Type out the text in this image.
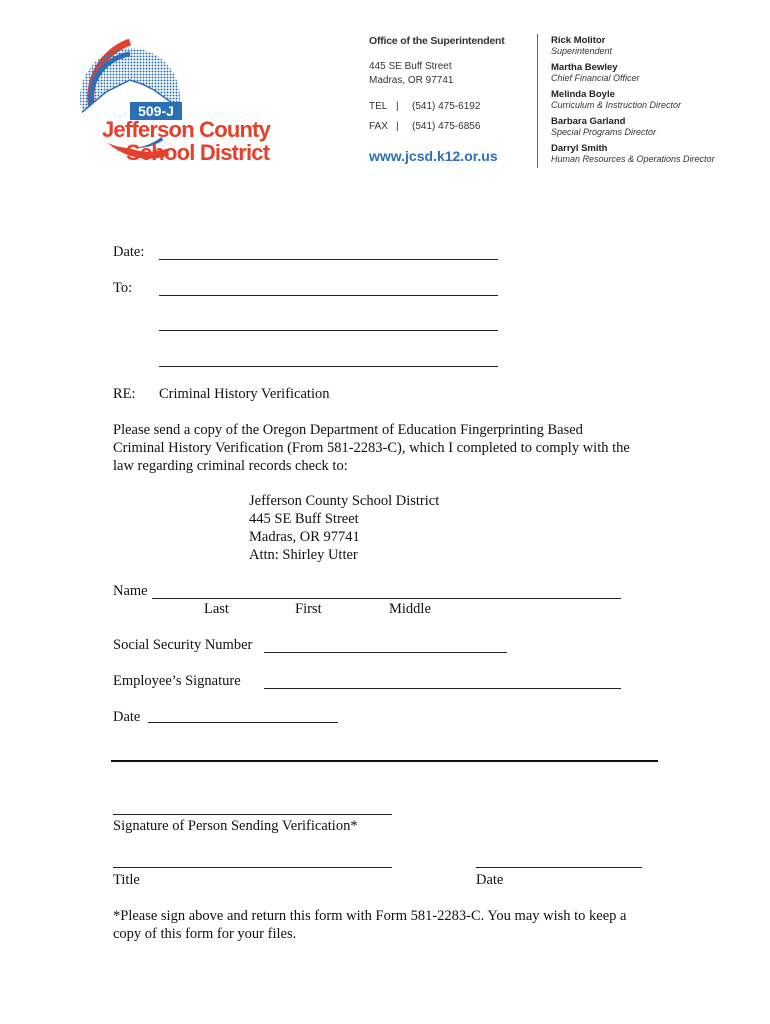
509-J
Jefferson County
School District
Office of the Superintendent
445 SE Buff Street
Madras, OR 97741
TEL | (541) 475-6192
FAX | (541) 475-6856
www.jcsd.k12.or.us
Rick Molitor
Superintendent
Martha Bewley
Chief Financial Officer
Melinda Boyle
Curriculum & Instruction Director
Barbara Garland
Special Programs Director
Darryl Smith
Human Resources & Operations Director
Date:
To:
RE: Criminal History Verification
Please send a copy of the Oregon Department of Education Fingerprinting Based
Criminal History Verification (From 581-2283-C), which I completed to comply with the
law regarding criminal records check to:
Jefferson County School District
445 SE Buff Street
Madras, OR 97741
Attn: Shirley Utter
Name
Last	First	Middle
Social Security Number
Employee’s Signature
Date
Signature of Person Sending Verification*
Title	Date
*Please sign above and return this form with Form 581-2283-C. You may wish to keep a
copy of this form for your files.
